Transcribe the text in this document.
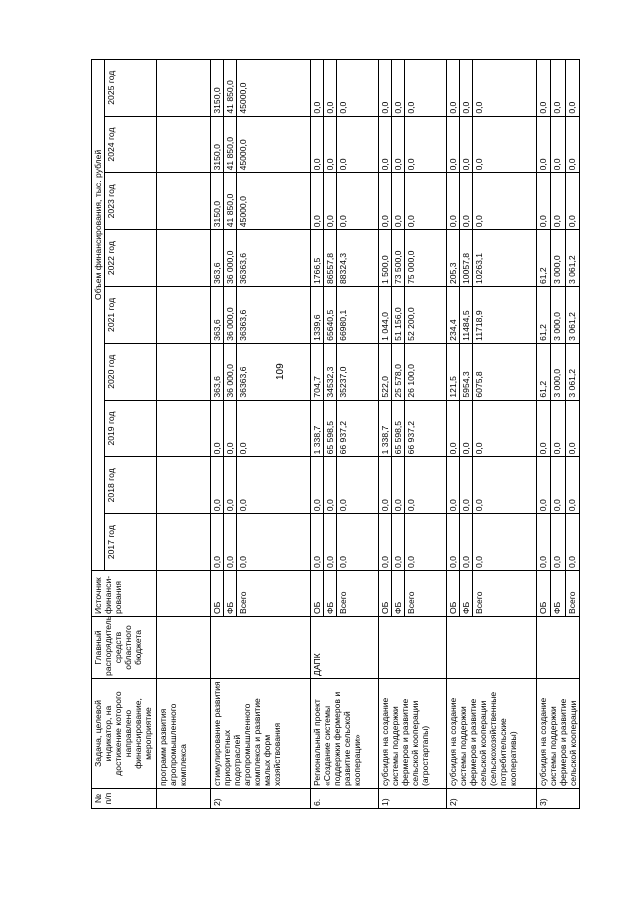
109
№ п/п	Задача, целевой индикатор, на достижение которого направлено финансирование, мероприятие	Главный распорядитель средств областного бюджета	Источник финанси-рования	Объем финансирования, тыс. рублей								
				2017 год	2018 год	2019 год	2020 год	2021 год	2022 год	2023 год	2024 год	2025 год
	программ развития агропромышленного комплекса											
2)	стимулирование развития приоритетных подотраслей агропромышленного комплекса и развитие малых форм хозяйствования		ОБ	0,0	0,0	0,0	363,6	363,6	363,6	3150,0	3150,0	3150,0
			ФБ	0,0	0,0	0,0	36 000,0	36 000,0	36 000,0	41 850,0	41 850,0	41 850,0
			Всего	0,0	0,0	0,0	36363,6	36363,6	36363,6	45000,0	45000,0	45000,0
6.	Региональный проект «Создание системы поддержки фермеров и развитие сельской кооперации»	ДАПК	ОБ	0,0	0,0	1 338,7	704,7	1339,6	1766,5	0,0	0,0	0,0
			ФБ	0,0	0,0	65 598,5	34532,3	65640,5	86557,8	0,0	0,0	0,0
			Всего	0,0	0,0	66 937,2	35237,0	66980,1	88324,3	0,0	0,0	0,0
1)	субсидия на создание системы поддержки фермеров и развитие сельской кооперации (агростартапы)		ОБ	0,0	0,0	1 338,7	522,0	1 044,0	1 500,0	0,0	0,0	0,0
			ФБ	0,0	0,0	65 598,5	25 578,0	51 156,0	73 500,0	0,0	0,0	0,0
			Всего	0,0	0,0	66 937,2	26 100,0	52 200,0	75 000,0	0,0	0,0	0,0
2)	субсидия на создание системы поддержки фермеров и развитие сельской кооперации (сельскохозяйственные потребительские кооперативы)		ОБ	0,0	0,0	0,0	121,5	234,4	205,3	0,0	0,0	0,0
			ФБ	0,0	0,0	0,0	5954,3	11484,5	10057,8	0,0	0,0	0,0
			Всего	0,0	0,0	0,0	6075,8	11718,9	10263,1	0,0	0,0	0,0
3)	субсидия на создание системы поддержки фермеров и развитие сельской кооперации		ОБ	0,0	0,0	0,0	61,2	61,2	61,2	0,0	0,0	0,0
			ФБ	0,0	0,0	0,0	3 000,0	3 000,0	3 000,0	0,0	0,0	0,0
			Всего	0,0	0,0	0,0	3 061,2	3 061,2	3 061,2	0,0	0,0	0,0
